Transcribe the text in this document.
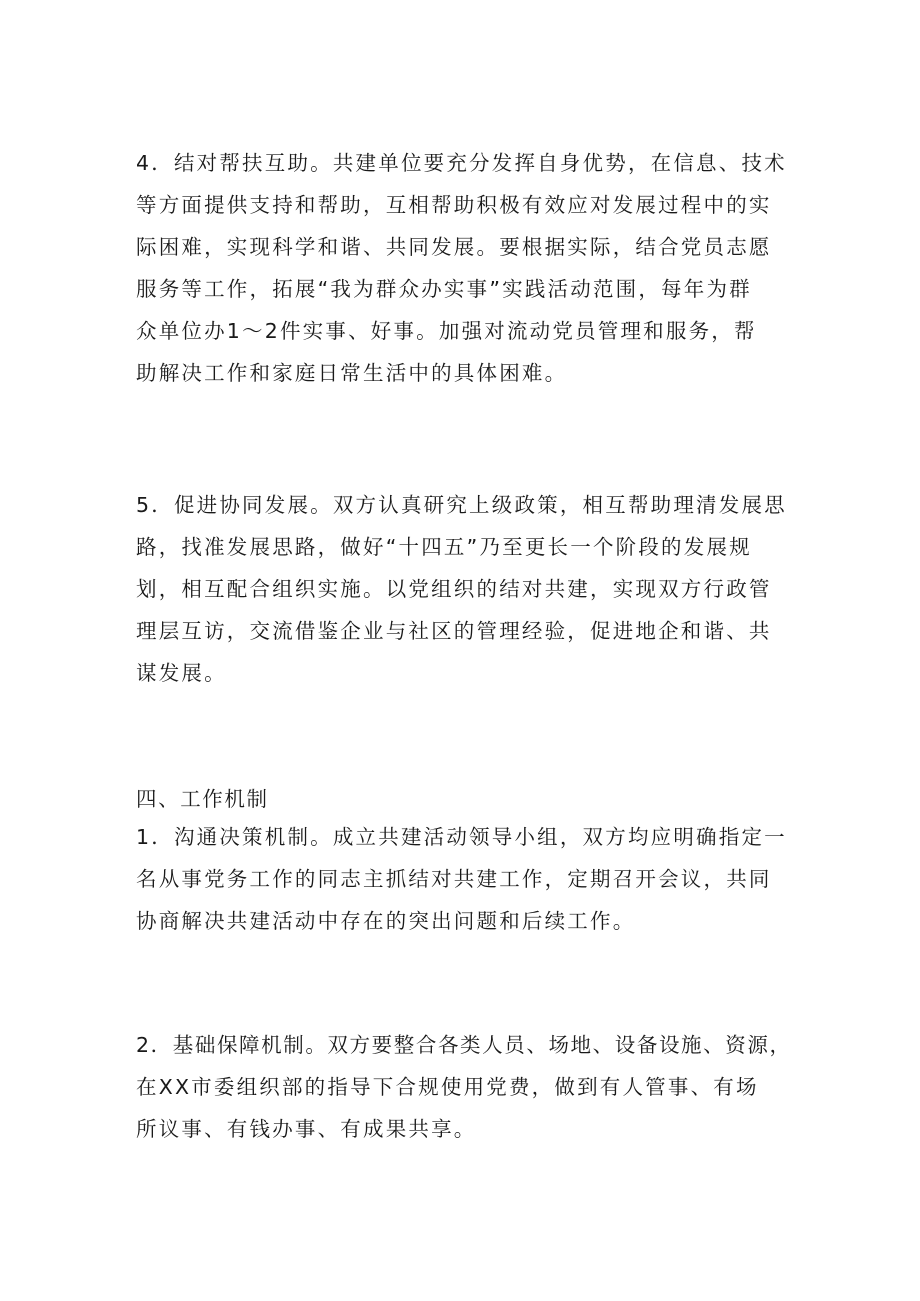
4．结对帮扶互助。共建单位要充分发挥自身优势，在信息、技术
等方面提供支持和帮助，互相帮助积极有效应对发展过程中的实
际困难，实现科学和谐、共同发展。要根据实际，结合党员志愿
服务等工作，拓展“我为群众办实事”实践活动范围，每年为群
众单位办1～2件实事、好事。加强对流动党员管理和服务，帮
助解决工作和家庭日常生活中的具体困难。
5．促进协同发展。双方认真研究上级政策，相互帮助理清发展思
路，找准发展思路，做好“十四五”乃至更长一个阶段的发展规
划，相互配合组织实施。以党组织的结对共建，实现双方行政管
理层互访，交流借鉴企业与社区的管理经验，促进地企和谐、共
谋发展。
四、工作机制
1．沟通决策机制。成立共建活动领导小组，双方均应明确指定一
名从事党务工作的同志主抓结对共建工作，定期召开会议，共同
协商解决共建活动中存在的突出问题和后续工作。
2．基础保障机制。双方要整合各类人员、场地、设备设施、资源，
在XX市委组织部的指导下合规使用党费，做到有人管事、有场
所议事、有钱办事、有成果共享。
